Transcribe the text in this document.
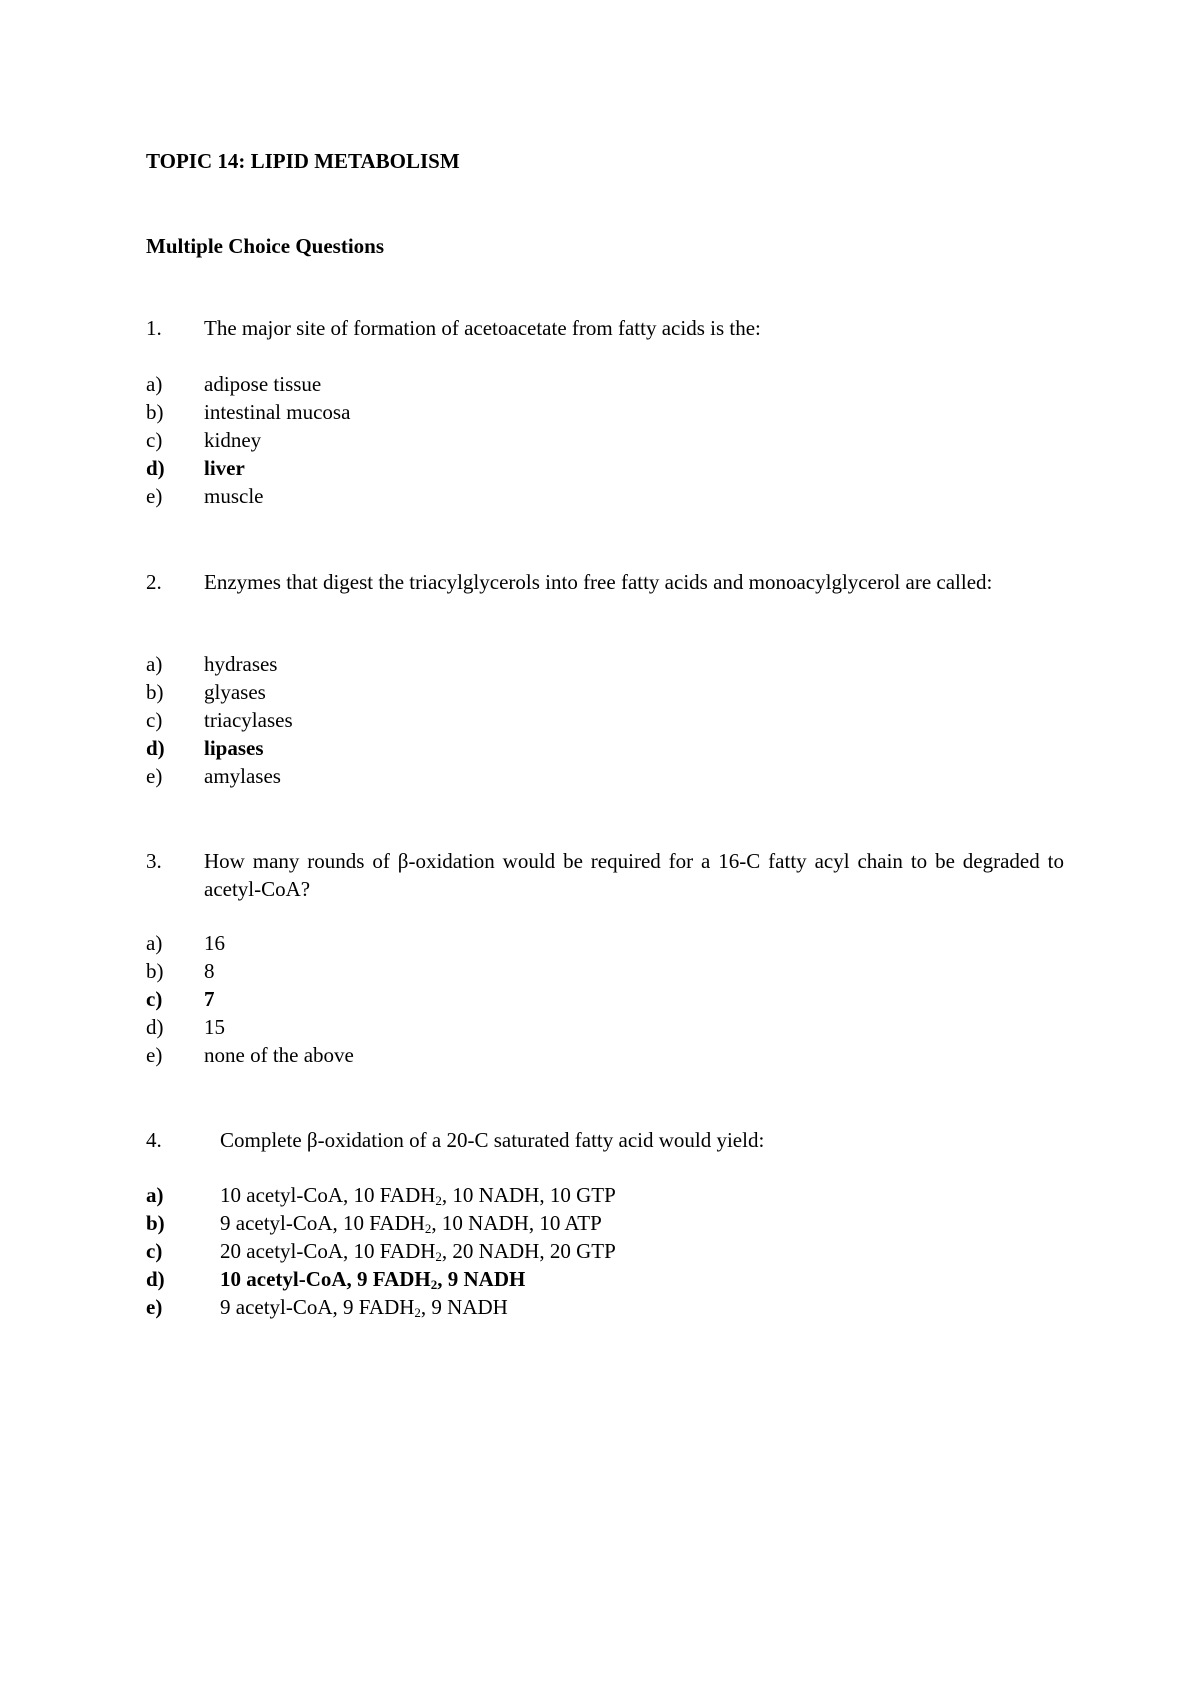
TOPIC 14: LIPID METABOLISM
Multiple Choice Questions
1. The major site of formation of acetoacetate from fatty acids is the:
a) adipose tissue
b) intestinal mucosa
c) kidney
d) liver
e) muscle
2. Enzymes that digest the triacylglycerols into free fatty acids and monoacylglycerol are called:
a) hydrases
b) glyases
c) triacylases
d) lipases
e) amylases
3. How many rounds of β-oxidation would be required for a 16-C fatty acyl chain to be degraded to acetyl-CoA?
a) 16
b) 8
c) 7
d) 15
e) none of the above
4.	Complete β-oxidation of a 20-C saturated fatty acid would yield:
a)	10 acetyl-CoA, 10 $FADH_2$, 10 NADH, 10 GTP
b)	9 acetyl-CoA, 10 $FADH_2$, 10 NADH, 10 ATP
c)	20 acetyl-CoA, 10 $FADH_2$, 20 NADH, 20 GTP
d)	10 acetyl-CoA, 9 $FADH_2$, 9 NADH
e)	9 acetyl-CoA, 9 $FADH_2$, 9 NADH
